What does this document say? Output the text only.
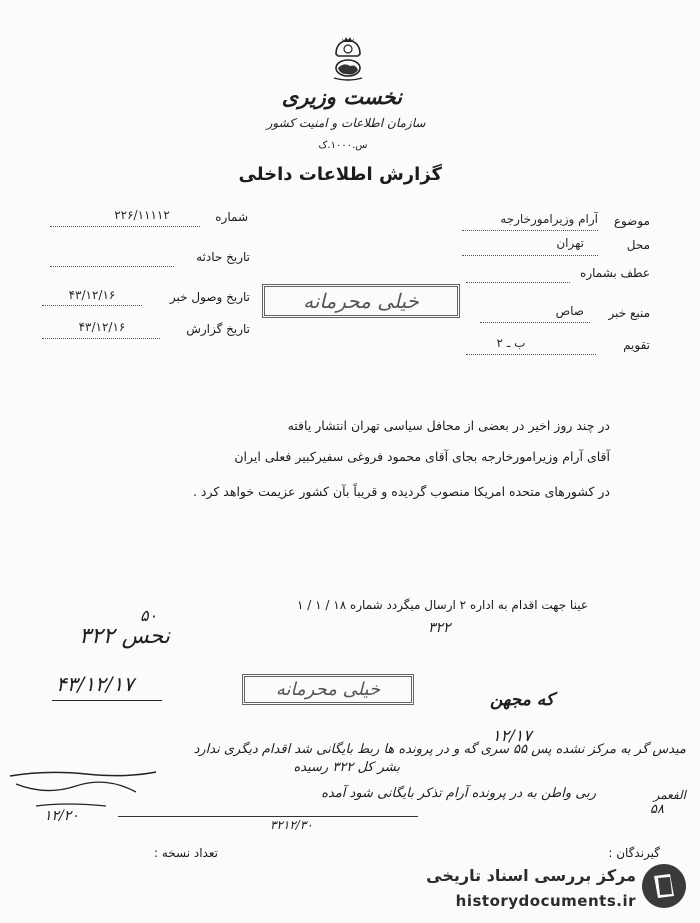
نخست وزیری
سازمان اطلاعات و امنیت کشور
س.۱۰۰۰.ک
گزارش اطلاعات داخلی
شماره
۲۲۶/۱۱۱۱۲
تاریخ حادثه
تاریخ وصول خبر
۴۳/۱۲/۱۶
تاریخ گزارش
۴۳/۱۲/۱۶
خیلی محرمانه
موضوع
آرام وزیرامورخارجه
محل
تهران
عطف بشماره
منبع خبر
صاص
تقویم
ب ـ ۲
در چند روز اخیر در بعضی از محافل سیاسی تهران انتشار یافته
آقای آرام وزیرامورخارجه بجای آقای محمود فروغی سفیرکبیر فعلی ایران
در کشورهای متحده امریکا منصوب گردیده و قریباً بآن کشور عزیمت خواهد کرد .
عینا جهت اقدام به اداره ۲ ارسال میگردد شماره ۱۸ / ۱ / ۱
۳۲۲
۵۰
نحس ۳۲۲
۴۳/۱۲/۱۷	خیلی محرمانه	که مجهن
۱۲/۱۷
میدس گر به مرکز نشده پس ۵۵ سری گه و در پرونده ها ربط بایگانی شد اقدام دیگری ندارد
ربی واطن به در پرونده آرام تذکر بایگانی شود آمده
بشر کل ۳۲۲ رسیده
۱۲/۲۰
۳۲۱۲/۳۰
الفعمر
۵۸
گیرندگان :
تعداد نسخه :
مرکز بررسی اسناد تاریخی
historydocuments.ir
